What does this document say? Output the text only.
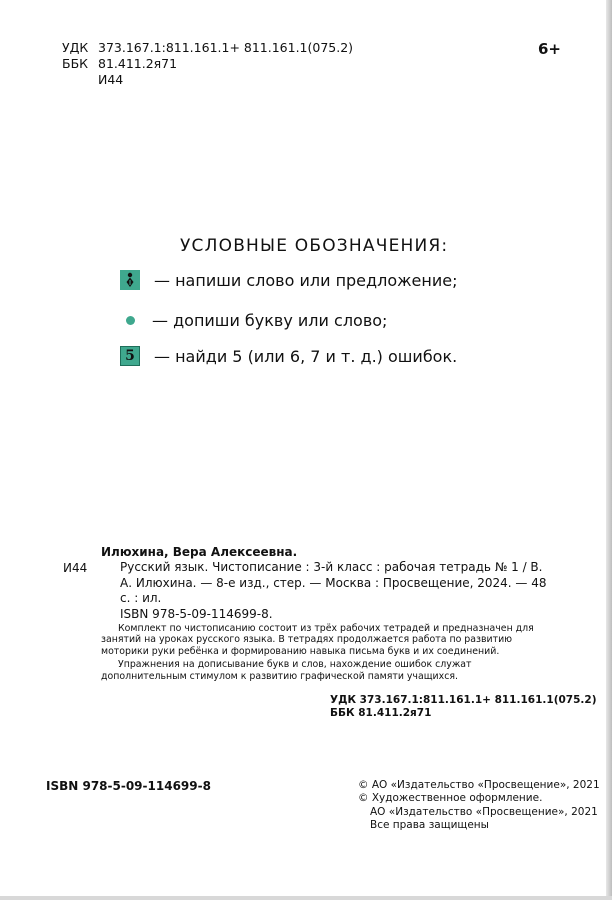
УДК 373.167.1:811.161.1+ 811.161.1(075.2)
ББК 81.411.2я71
И44
6+
УСЛОВНЫЕ ОБОЗНАЧЕНИЯ:
— напиши слово или предложение;
— допиши букву или слово;
5	— найди 5 (или 6, 7 и т. д.) ошибок.
Илюхина, Вера Алексеевна.
И44	Русский язык. Чистописание : 3-й класс : рабочая тетрадь № 1 / В. А. Илюхина. — 8-е изд., стер. — Москва : Просвещение, 2024. — 48 с. : ил.
ISBN 978-5-09-114699-8.

Комплект по чистописанию состоит из трёх рабочих тетрадей и предназначен для занятий на уроках русского языка. В тетрадях продолжается работа по развитию моторики руки ребёнка и формированию навыка письма букв и их соединений.

Упражнения на дописывание букв и слов, нахождение ошибок служат дополнительным стимулом к развитию графической памяти учащихся.

УДК 373.167.1:811.161.1+ 811.161.1(075.2)
ББК 81.411.2я71
ISBN 978-5-09-114699-8	© АО «Издательство «Просвещение», 2021
© Художественное оформление.
АО «Издательство «Просвещение», 2021
Все права защищены
